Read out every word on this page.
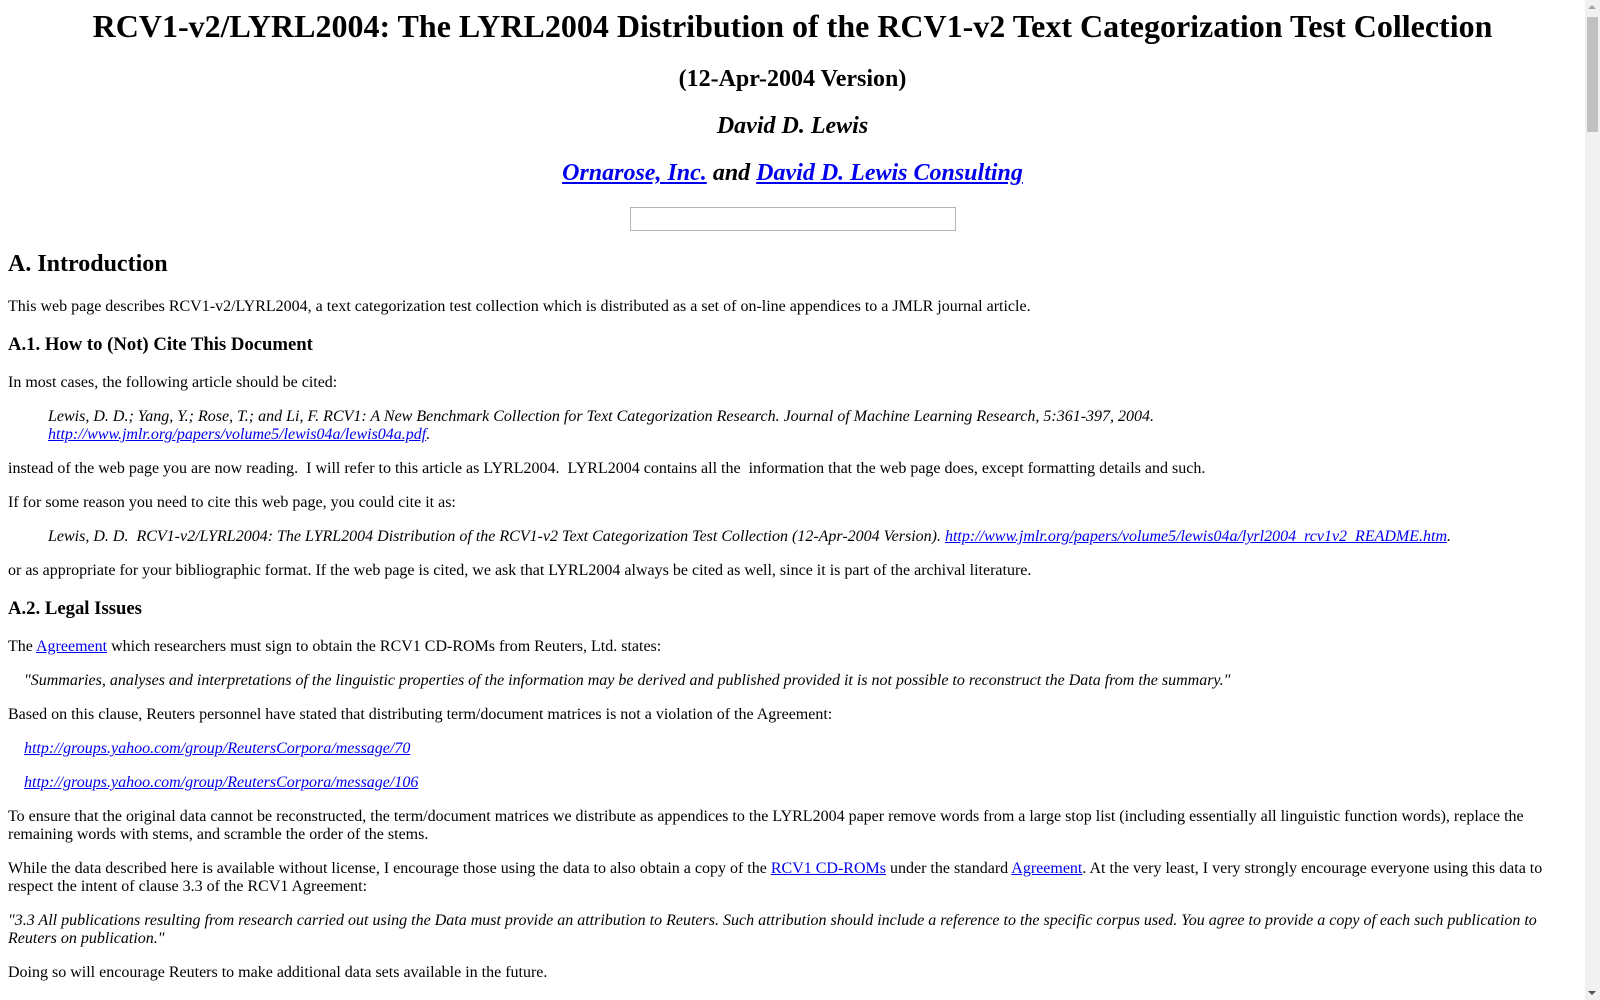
RCV1-v2/LYRL2004: The LYRL2004 Distribution of the RCV1-v2 Text Categorization Test Collection
(12-Apr-2004 Version)
David D. Lewis
Ornarose, Inc. and David D. Lewis Consulting
A. Introduction

This web page describes RCV1-v2/LYRL2004, a text categorization test collection which is distributed as a set of on-line appendices to a JMLR journal article.

A.1. How to (Not) Cite This Document

In most cases, the following article should be cited:

Lewis, D. D.; Yang, Y.; Rose, T.; and Li, F. RCV1: A New Benchmark Collection for Text Categorization Research. Journal of Machine Learning Research, 5:361-397, 2004.
http://www.jmlr.org/papers/volume5/lewis04a/lewis04a.pdf.

instead of the web page you are now reading.  I will refer to this article as LYRL2004.  LYRL2004 contains all the  information that the web page does, except formatting details and such.

If for some reason you need to cite this web page, you could cite it as:

Lewis, D. D.  RCV1-v2/LYRL2004: The LYRL2004 Distribution of the RCV1-v2 Text Categorization Test Collection (12-Apr-2004 Version). http://www.jmlr.org/papers/volume5/lewis04a/lyrl2004_rcv1v2_README.htm.

or as appropriate for your bibliographic format. If the web page is cited, we ask that LYRL2004 always be cited as well, since it is part of the archival literature.

A.2. Legal Issues

The Agreement which researchers must sign to obtain the RCV1 CD-ROMs from Reuters, Ltd. states:

"Summaries, analyses and interpretations of the linguistic properties of the information may be derived and published provided it is not possible to reconstruct the Data from the summary."

Based on this clause, Reuters personnel have stated that distributing term/document matrices is not a violation of the Agreement:

http://groups.yahoo.com/group/ReutersCorpora/message/70

http://groups.yahoo.com/group/ReutersCorpora/message/106

To ensure that the original data cannot be reconstructed, the term/document matrices we distribute as appendices to the LYRL2004 paper remove words from a large stop list (including essentially all linguistic function words), replace the remaining words with stems, and scramble the order of the stems.

While the data described here is available without license, I encourage those using the data to also obtain a copy of the RCV1 CD-ROMs under the standard Agreement. At the very least, I very strongly encourage everyone using this data to respect the intent of clause 3.3 of the RCV1 Agreement:

"3.3 All publications resulting from research carried out using the Data must provide an attribution to Reuters. Such attribution should include a reference to the specific corpus used. You agree to provide a copy of each such publication to Reuters on publication."

Doing so will encourage Reuters to make additional data sets available in the future.
